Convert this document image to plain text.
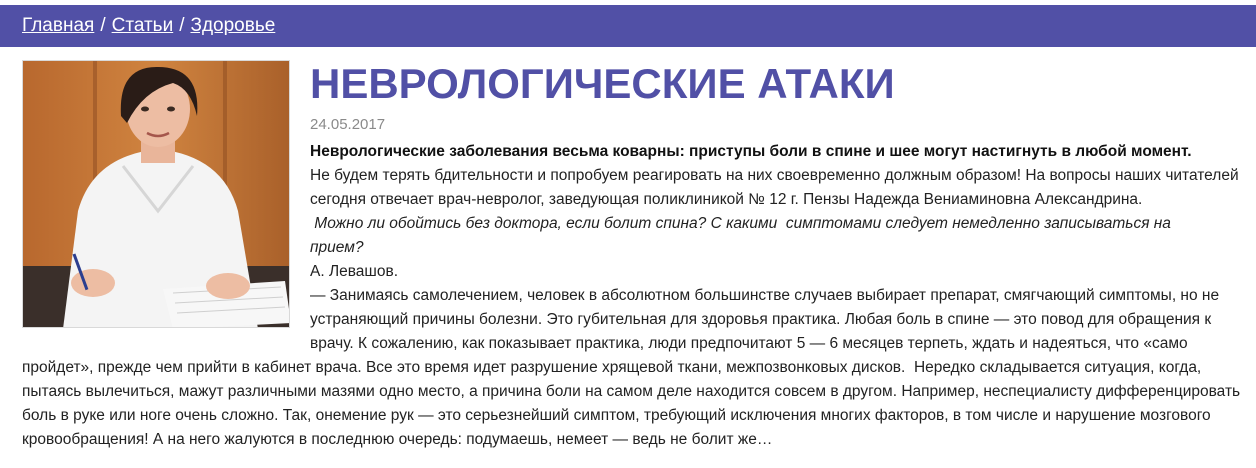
Главная / Статьи / Здоровье
НЕВРОЛОГИЧЕСКИЕ АТАКИ
24.05.2017
Неврологические заболевания весьма коварны: приступы боли в спине и шее могут настигнуть в любой момент.
Не будем терять бдительности и попробуем реагировать на них своевременно должным образом! На вопросы наших читателей
сегодня отвечает врач-невролог, заведующая поликлиникой № 12 г. Пензы Надежда Вениаминовна Александрина.
Можно ли обойтись без доктора, если болит спина? С какими  симптомами следует немедленно записываться на
прием?
А. Левашов.
— Занимаясь самолечением, человек в абсолютном большинстве случаев выбирает препарат, смягчающий симптомы, но не
устраняющий причины болезни. Это губительная для здоровья практика. Любая боль в спине — это повод для обращения к
врачу. К сожалению, как показывает практика, люди предпочитают 5 — 6 месяцев терпеть, ждать и надеяться, что «само
пройдет», прежде чем прийти в кабинет врача. Все это время идет разрушение хрящевой ткани, межпозвонковых дисков.  Нередко складывается ситуация, когда,
пытаясь вылечиться, мажут различными мазями одно место, а причина боли на самом деле находится совсем в другом. Например, неспециалисту дифференцировать
боль в руке или ноге очень сложно. Так, онемение рук — это серьезнейший симптом, требующий исключения многих факторов, в том числе и нарушение мозгового
кровообращения! А на него жалуются в последнюю очередь: подумаешь, немеет — ведь не болит же…
